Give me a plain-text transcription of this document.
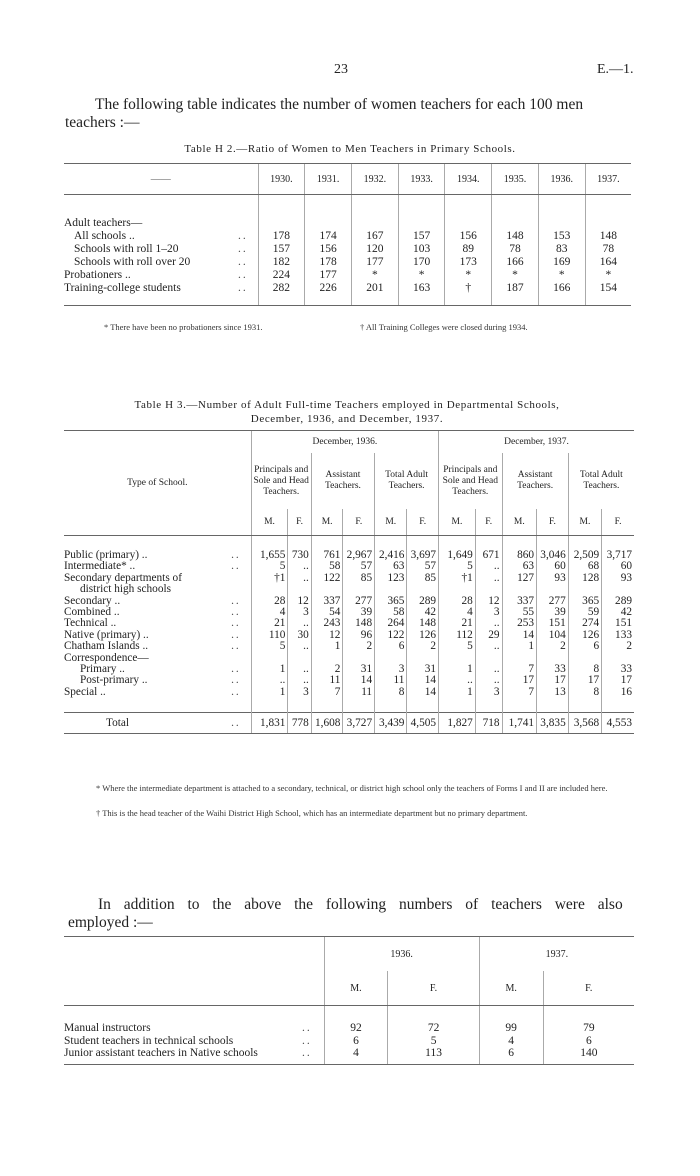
23	E.—1.
The following table indicates the number of women teachers for each 100 men
teachers :—
Table H 2.—Ratio of Women to Men Teachers in Primary Schools.
——		1930.	1931.	1932.	1933.	1934.	1935.	1936.	1937.

Adult teachers—									
All schools ..	..	178	174	167	157	156	148	153	148
Schools with roll 1–20	..	157	156	120	103	89	78	83	78
Schools with roll over 20	..	182	178	177	170	173	166	169	164
Probationers ..	..	224	177	*	*	*	*	*	*
Training-college students	..	282	226	201	163	†	187	166	154
* There have been no probationers since 1931.	† All Training Colleges were closed during 1934.
Table H 3.—Number of Adult Full-time Teachers employed in Departmental Schools,
December, 1936, and December, 1937.
Type of School.		December, 1936.						December, 1937.					
		Principals and Sole and Head Teachers.		Assistant Teachers.		Total Adult Teachers.		Principals and Sole and Head Teachers.		Assistant Teachers.		Total Adult Teachers.	
		M.	F.	M.	F.	M.	F.	M.	F.	M.	F.	M.	F.

Public (primary) ..	..	1,655	730	761	2,967	2,416	3,697	1,649	671	860	3,046	2,509	3,717
Intermediate* ..	..	5	..	58	57	63	57	5	..	63	60	68	60
Secondary departments of		†1	..	122	85	123	85	†1	..	127	93	128	93
district high schools													
Secondary ..	..	28	12	337	277	365	289	28	12	337	277	365	289
Combined ..	..	4	3	54	39	58	42	4	3	55	39	59	42
Technical ..	..	21	..	243	148	264	148	21	..	253	151	274	151
Native (primary) ..	..	110	30	12	96	122	126	112	29	14	104	126	133
Chatham Islands ..	..	5	..	1	2	6	2	5	..	1	2	6	2
Correspondence—													
Primary ..	..	1	..	2	31	3	31	1	..	7	33	8	33
Post-primary ..	..	..	..	11	14	11	14	..	..	17	17	17	17
Special ..	..	1	3	7	11	8	14	1	3	7	13	8	16

Total	..	1,831	778	1,608	3,727	3,439	4,505	1,827	718	1,741	3,835	3,568	4,553
* Where the intermediate department is attached to a secondary, technical, or district high school only the teachers of Forms I and II are included here.
† This is the head teacher of the Waihi District High School, which has an intermediate department but no primary department.
In addition to the above the following numbers of teachers were also
employed :—
		1936.		1937.	
		M.	F.	M.	F.

Manual instructors	..	92	72	99	79
Student teachers in technical schools	..	6	5	4	6
Junior assistant teachers in Native schools	..	4	113	6	140
